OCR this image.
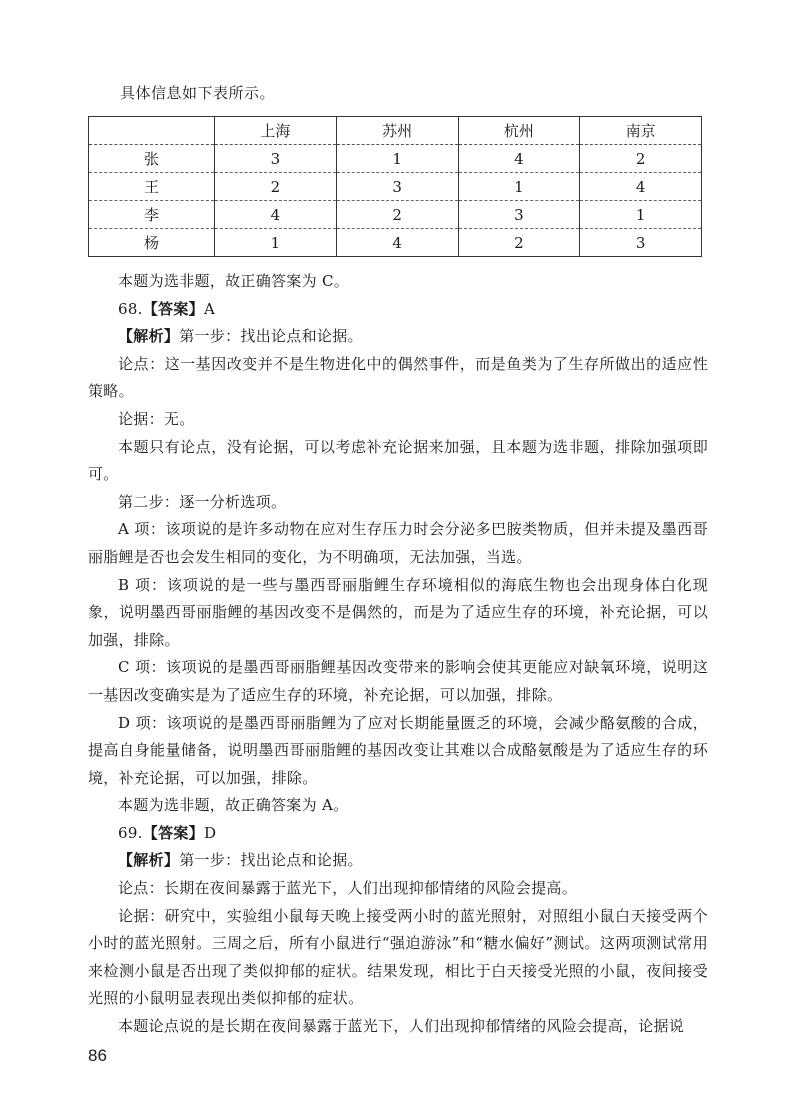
具体信息如下表所示。
	上海	苏州	杭州	南京
张	3	1	4	2
王	2	3	1	4
李	4	2	3	1
杨	1	4	2	3

本题为选非题，故正确答案为 C。

68.【答案】A

【解析】第一步：找出论点和论据。

论点：这一基因改变并不是生物进化中的偶然事件，而是鱼类为了生存所做出的适应性策略。

论据：无。

本题只有论点，没有论据，可以考虑补充论据来加强，且本题为选非题，排除加强项即可。

第二步：逐一分析选项。

A 项：该项说的是许多动物在应对生存压力时会分泌多巴胺类物质，但并未提及墨西哥丽脂鲤是否也会发生相同的变化，为不明确项，无法加强，当选。

B 项：该项说的是一些与墨西哥丽脂鲤生存环境相似的海底生物也会出现身体白化现象，说明墨西哥丽脂鲤的基因改变不是偶然的，而是为了适应生存的环境，补充论据，可以加强，排除。

C 项：该项说的是墨西哥丽脂鲤基因改变带来的影响会使其更能应对缺氧环境，说明这一基因改变确实是为了适应生存的环境，补充论据，可以加强，排除。

D 项：该项说的是墨西哥丽脂鲤为了应对长期能量匮乏的环境，会减少酪氨酸的合成，提高自身能量储备，说明墨西哥丽脂鲤的基因改变让其难以合成酪氨酸是为了适应生存的环境，补充论据，可以加强，排除。

本题为选非题，故正确答案为 A。

69.【答案】D

【解析】第一步：找出论点和论据。

论点：长期在夜间暴露于蓝光下，人们出现抑郁情绪的风险会提高。

论据：研究中，实验组小鼠每天晚上接受两小时的蓝光照射，对照组小鼠白天接受两个小时的蓝光照射。三周之后，所有小鼠进行“强迫游泳”和“糖水偏好”测试。这两项测试常用来检测小鼠是否出现了类似抑郁的症状。结果发现，相比于白天接受光照的小鼠，夜间接受光照的小鼠明显表现出类似抑郁的症状。

本题论点说的是长期在夜间暴露于蓝光下，人们出现抑郁情绪的风险会提高，论据说

86
